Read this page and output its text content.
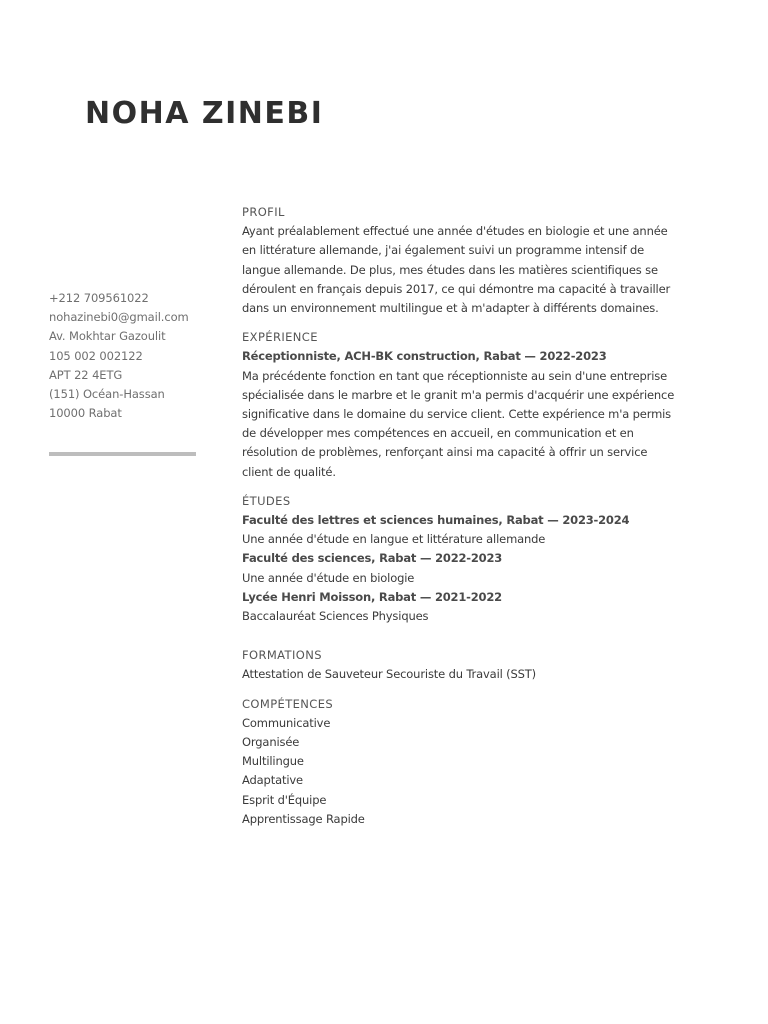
NOHA ZINEBI
+212 709561022
nohazinebi0@gmail.com
Av. Mokhtar Gazoulit
105 002 002122
APT 22 4ETG
(151) Océan-Hassan
10000 Rabat
PROFIL
Ayant préalablement effectué une année d'études en biologie et une année
en littérature allemande, j'ai également suivi un programme intensif de
langue allemande. De plus, mes études dans les matières scientifiques se
déroulent en français depuis 2017, ce qui démontre ma capacité à travailler
dans un environnement multilingue et à m'adapter à différents domaines.
EXPÉRIENCE
Réceptionniste, ACH-BK construction, Rabat — 2022-2023
Ma précédente fonction en tant que réceptionniste au sein d'une entreprise
spécialisée dans le marbre et le granit m'a permis d'acquérir une expérience
significative dans le domaine du service client. Cette expérience m'a permis
de développer mes compétences en accueil, en communication et en
résolution de problèmes, renforçant ainsi ma capacité à offrir un service
client de qualité.
ÉTUDES
Faculté des lettres et sciences humaines, Rabat — 2023-2024
Une année d'étude en langue et littérature allemande
Faculté des sciences, Rabat — 2022-2023
Une année d'étude en biologie
Lycée Henri Moisson, Rabat — 2021-2022
Baccalauréat Sciences Physiques
FORMATIONS
Attestation de Sauveteur Secouriste du Travail (SST)
COMPÉTENCES
Communicative
Organisée
Multilingue
Adaptative
Esprit d'Équipe
Apprentissage Rapide
